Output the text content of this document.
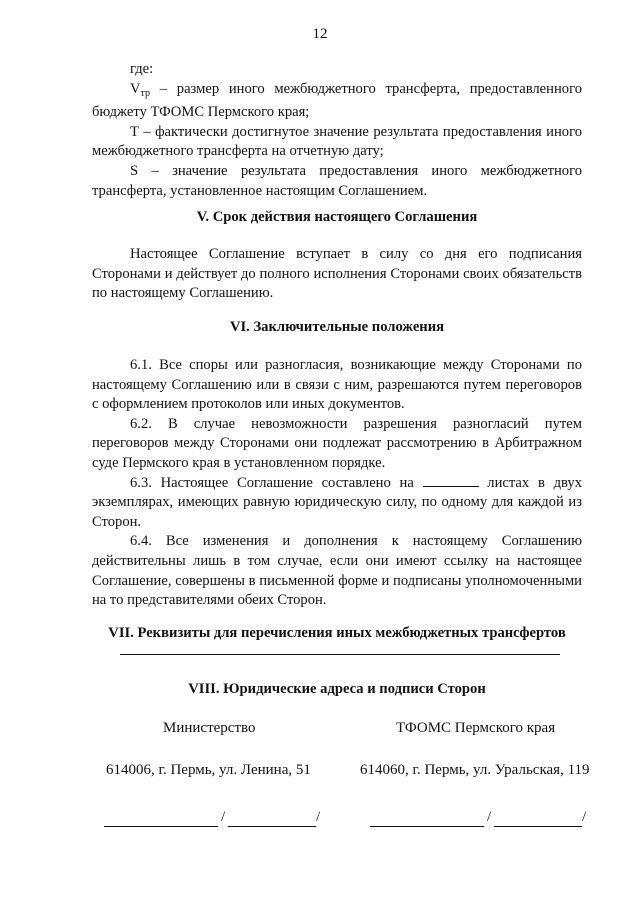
12

где:

$V_{тр}$ – размер иного межбюджетного трансферта, предоставленного бюджету ТФОМС Пермского края;

Т – фактически достигнутое значение результата предоставления иного межбюджетного трансферта на отчетную дату;

S – значение результата предоставления иного межбюджетного трансферта, установленное настоящим Соглашением.

V. Срок действия настоящего Соглашения

Настоящее Соглашение вступает в силу со дня его подписания Сторонами и действует до полного исполнения Сторонами своих обязательств по настоящему Соглашению.

VI. Заключительные положения

6.1. Все споры или разногласия, возникающие между Сторонами по настоящему Соглашению или в связи с ним, разрешаются путем переговоров с оформлением протоколов или иных документов.

6.2. В случае невозможности разрешения разногласий путем переговоров между Сторонами они подлежат рассмотрению в Арбитражном суде Пермского края в установленном порядке.

6.3. Настоящее Соглашение составлено на	листах в двух экземплярах, имеющих равную юридическую силу, по одному для каждой из Сторон.

6.4. Все изменения и дополнения к настоящему Соглашению действительны лишь в том случае, если они имеют ссылку на настоящее Соглашение, совершены в письменной форме и подписаны уполномоченными на то представителями обеих Сторон.

VII. Реквизиты для перечисления иных межбюджетных трансфертов

VIII. Юридические адреса и подписи Сторон

Министерство	ТФОМС Пермского края
614006, г. Пермь, ул. Ленина, 51	614060, г. Пермь, ул. Уральская, 119
/	/	/	/
